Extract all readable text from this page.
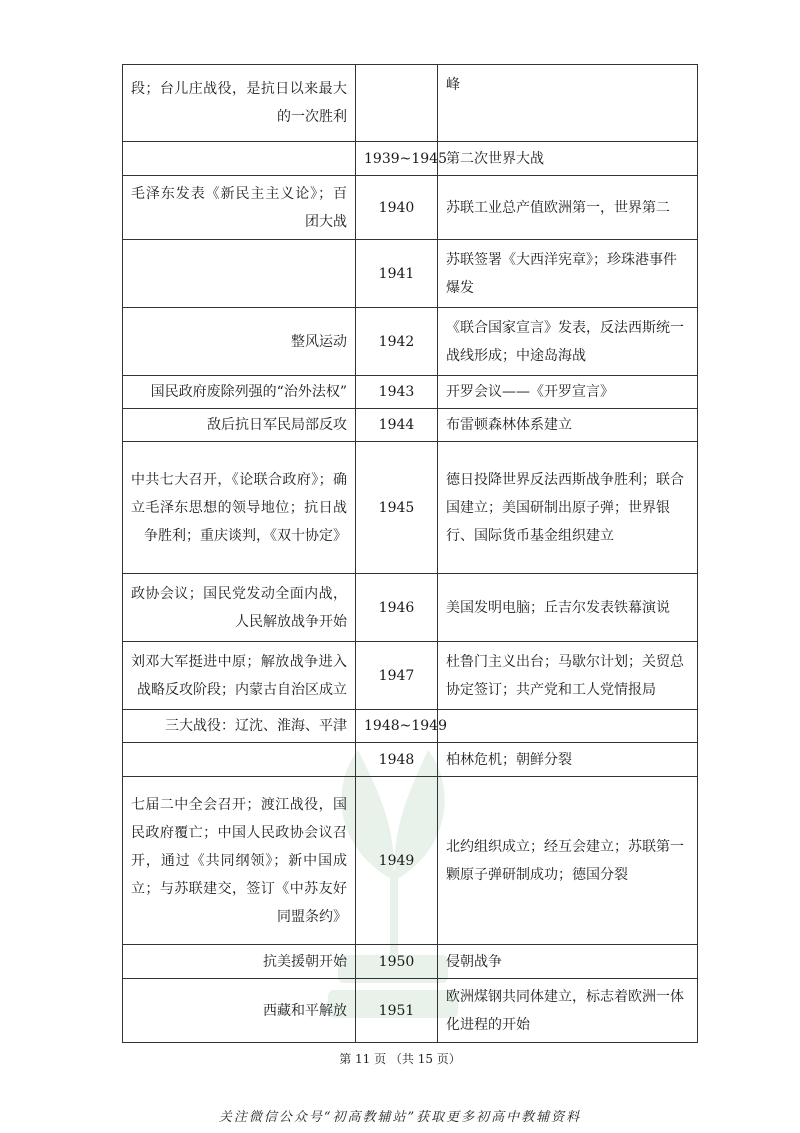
段；台儿庄战役，是抗日以来最大的一次胜利		峰
	1939~1945	第二次世界大战
毛泽东发表《新民主主义论》；百团大战	1940	苏联工业总产值欧洲第一，世界第二
	1941	苏联签署《大西洋宪章》；珍珠港事件爆发
整风运动	1942	《联合国家宣言》发表，反法西斯统一战线形成；中途岛海战
国民政府废除列强的“治外法权”	1943	开罗会议——《开罗宣言》
敌后抗日军民局部反攻	1944	布雷顿森林体系建立
中共七大召开，《论联合政府》；确立毛泽东思想的领导地位；抗日战争胜利；重庆谈判，《双十协定》	1945	德日投降世界反法西斯战争胜利；联合国建立；美国研制出原子弹；世界银行、国际货币基金组织建立
政协会议；国民党发动全面内战，人民解放战争开始	1946	美国发明电脑；丘吉尔发表铁幕演说
刘邓大军挺进中原；解放战争进入战略反攻阶段；内蒙古自治区成立	1947	杜鲁门主义出台；马歇尔计划；关贸总协定签订；共产党和工人党情报局
三大战役：辽沈、淮海、平津	1948~1949	
	1948	柏林危机；朝鲜分裂
七届二中全会召开；渡江战役，国民政府覆亡；中国人民政协会议召开，通过《共同纲领》；新中国成立；与苏联建交，签订《中苏友好同盟条约》	1949	北约组织成立；经互会建立；苏联第一颗原子弹研制成功；德国分裂
抗美援朝开始	1950	侵朝战争
西藏和平解放	1951	欧洲煤钢共同体建立，标志着欧洲一体化进程的开始
第 11 页 （共 15 页）
关注微信公众号“初高教辅站”获取更多初高中教辅资料
